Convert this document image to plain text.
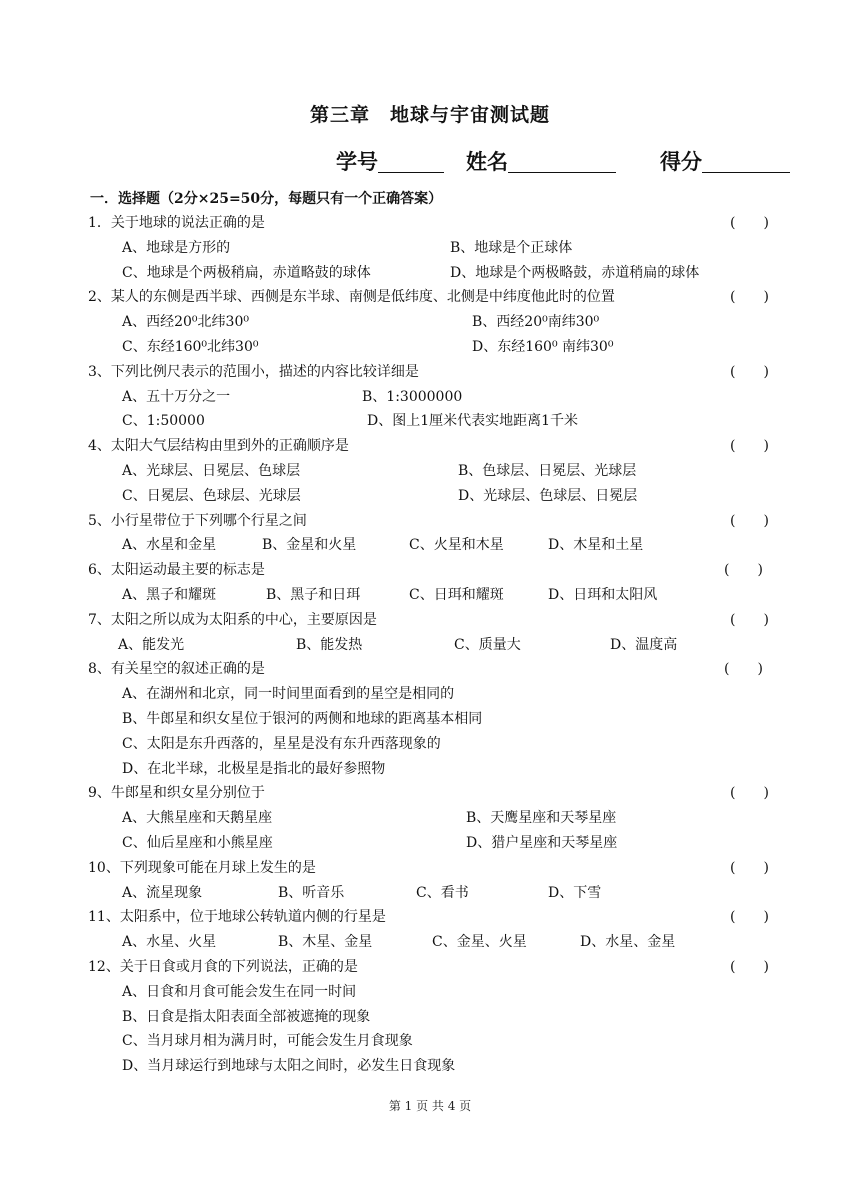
第三章　地球与宇宙测试题
学号	姓名	得分
一．选择题（2分×25=50分，每题只有一个正确答案）
1．关于地球的说法正确的是	(　　)
A、地球是方形的	B、地球是个正球体
C、地球是个两极稍扁，赤道略鼓的球体	D、地球是个两极略鼓，赤道稍扁的球体
2、某人的东侧是西半球、西侧是东半球、南侧是低纬度、北侧是中纬度他此时的位置	(　　)
A、西经20⁰北纬30⁰	B、西经20⁰南纬30⁰
C、东经160⁰北纬30⁰	D、东经160⁰ 南纬30⁰
3、下列比例尺表示的范围小，描述的内容比较详细是	(　　)
A、五十万分之一	B、1:3000000
C、1:50000	D、图上1厘米代表实地距离1千米
4、太阳大气层结构由里到外的正确顺序是	(　　)
A、光球层、日冕层、色球层	B、色球层、日冕层、光球层
C、日冕层、色球层、光球层	D、光球层、色球层、日冕层
5、小行星带位于下列哪个行星之间	(　　)
A、水星和金星	B、金星和火星	C、火星和木星	D、木星和土星
6、太阳运动最主要的标志是	(　　)
A、黑子和耀斑	B、黑子和日珥	C、日珥和耀斑	D、日珥和太阳风
7、太阳之所以成为太阳系的中心，主要原因是	(　　)
A、能发光	B、能发热	C、质量大	D、温度高
8、有关星空的叙述正确的是	(　　)
A、在湖州和北京，同一时间里面看到的星空是相同的
B、牛郎星和织女星位于银河的两侧和地球的距离基本相同
C、太阳是东升西落的，星星是没有东升西落现象的
D、在北半球，北极星是指北的最好参照物
9、牛郎星和织女星分别位于	(　　)
A、大熊星座和天鹅星座	B、天鹰星座和天琴星座
C、仙后星座和小熊星座	D、猎户星座和天琴星座
10、下列现象可能在月球上发生的是	(　　)
A、流星现象	B、听音乐	C、看书	D、下雪
11、太阳系中，位于地球公转轨道内侧的行星是	(　　)
A、水星、火星	B、木星、金星	C、金星、火星	D、水星、金星
12、关于日食或月食的下列说法，正确的是	(　　)
A、日食和月食可能会发生在同一时间
B、日食是指太阳表面全部被遮掩的现象
C、当月球月相为满月时，可能会发生月食现象
D、当月球运行到地球与太阳之间时，必发生日食现象
第 1 页 共 4 页
